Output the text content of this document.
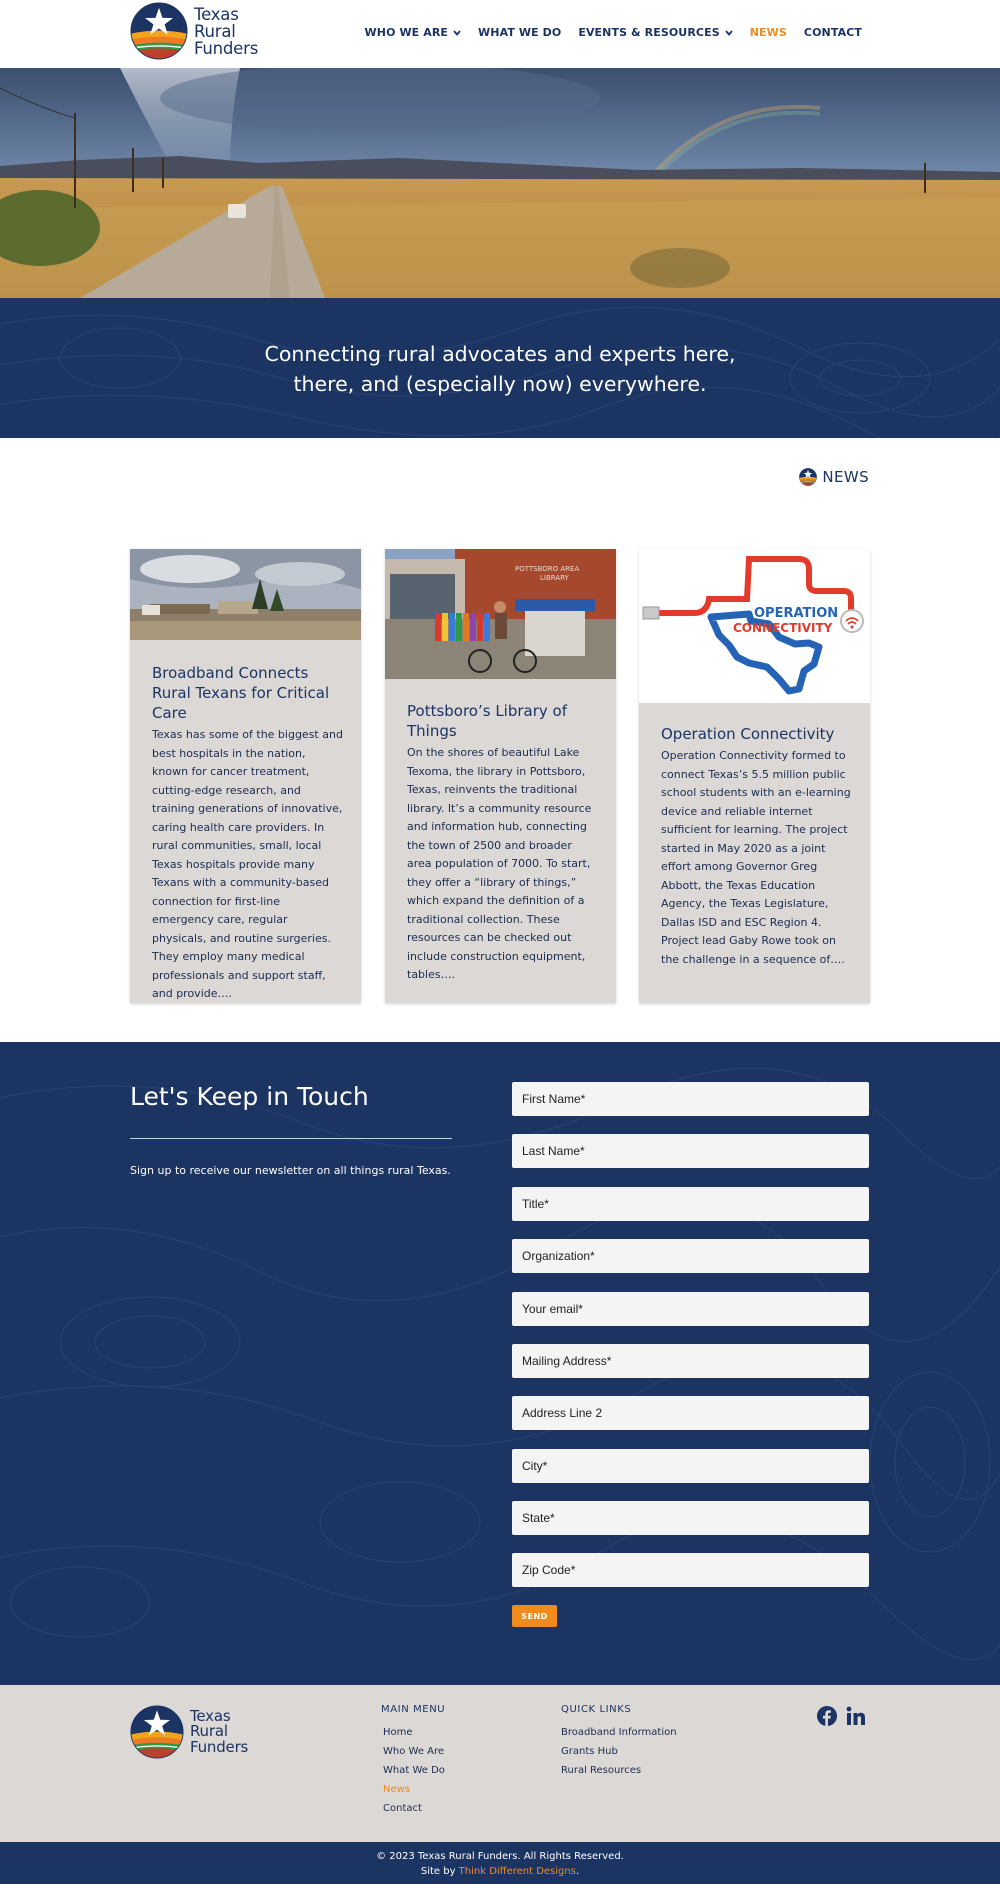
Texas
Rural
Funders
WHO WE ARE	WHAT WE DO EVENTS & RESOURCES	NEWS CONTACT
Connecting rural advocates and experts here,
there, and (especially now) everywhere.
NEWS
Broadband Connects Rural Texans for Critical Care

Texas has some of the biggest and best hospitals in the nation, known for cancer treatment, cutting-edge research, and training generations of innovative, caring health care providers. In rural communities, small, local Texas hospitals provide many Texans with a community-based connection for first-line emergency care, regular physicals, and routine surgeries. They employ many medical professionals and support staff, and provide….

POTTSBORO AREA
LIBRARY
Pottsboro’s Library of Things

On the shores of beautiful Lake Texoma, the library in Pottsboro, Texas, reinvents the traditional library. It’s a community resource and information hub, connecting the town of 2500 and broader area population of 7000. To start, they offer a “library of things,” which expand the definition of a traditional collection. These resources can be checked out include construction equipment, tables….

OPERATION
CONNECTIVITY
Operation Connectivity

Operation Connectivity formed to connect Texas’s 5.5 million public school students with an e-learning device and reliable internet sufficient for learning. The project started in May 2020 as a joint effort among Governor Greg Abbott, the Texas Education Agency, the Texas Legislature, Dallas ISD and ESC Region 4. Project lead Gaby Rowe took on the challenge in a sequence of….

Let's Keep in Touch

Sign up to receive our newsletter on all things rural Texas.

First Name*
Last Name*
Title*
Organization*
Your email*
Mailing Address*
Address Line 2
City*
State*
Zip Code*
SEND
Texas
Rural
Funders
MAIN MENU
Home
Who We Are
What We Do
News
Contact
QUICK LINKS
Broadband Information
Grants Hub
Rural Resources
© 2023 Texas Rural Funders. All Rights Reserved.
Site by Think Different Designs.
